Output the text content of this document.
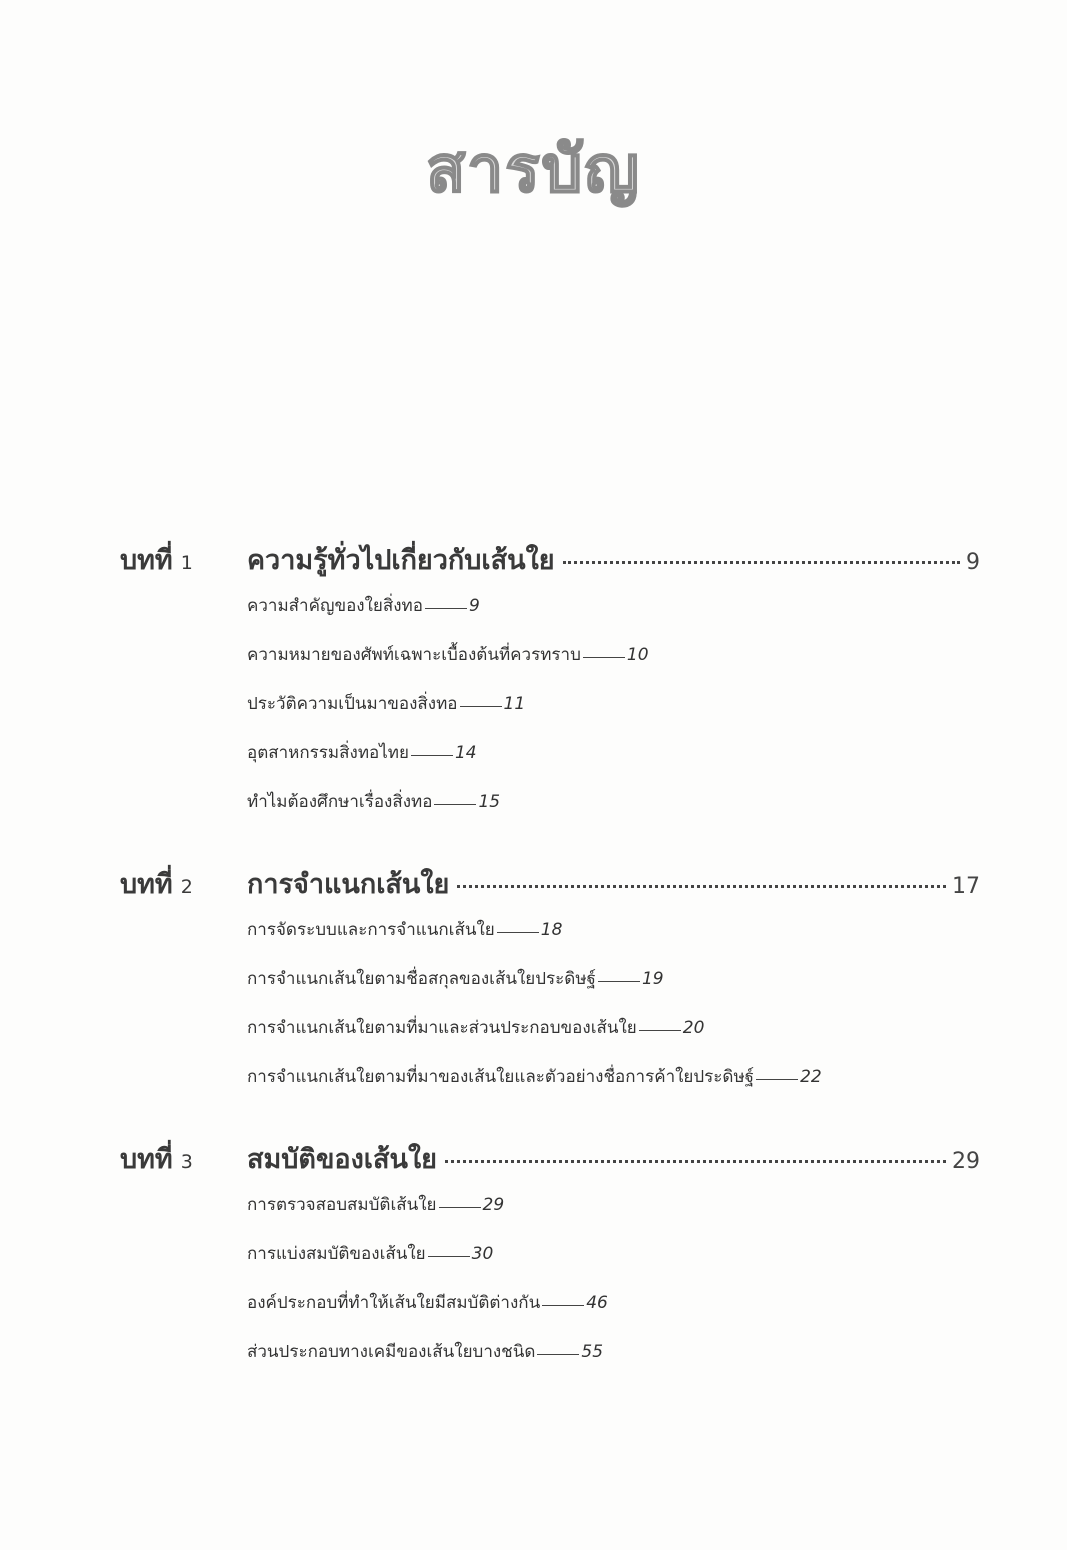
สารบัญ
บทที่ 1	ความรู้ทั่วไปเกี่ยวกับเส้นใย	9
ความสำคัญของใยสิ่งทอ	9
ความหมายของศัพท์เฉพาะเบื้องต้นที่ควรทราบ	10
ประวัติความเป็นมาของสิ่งทอ	11
อุตสาหกรรมสิ่งทอไทย	14
ทำไมต้องศึกษาเรื่องสิ่งทอ	15
บทที่ 2	การจำแนกเส้นใย	17
การจัดระบบและการจำแนกเส้นใย	18
การจำแนกเส้นใยตามชื่อสกุลของเส้นใยประดิษฐ์	19
การจำแนกเส้นใยตามที่มาและส่วนประกอบของเส้นใย	20
การจำแนกเส้นใยตามที่มาของเส้นใยและตัวอย่างชื่อการค้าใยประดิษฐ์	22
บทที่ 3	สมบัติของเส้นใย	29
การตรวจสอบสมบัติเส้นใย	29
การแบ่งสมบัติของเส้นใย	30
องค์ประกอบที่ทำให้เส้นใยมีสมบัติต่างกัน	46
ส่วนประกอบทางเคมีของเส้นใยบางชนิด	55
